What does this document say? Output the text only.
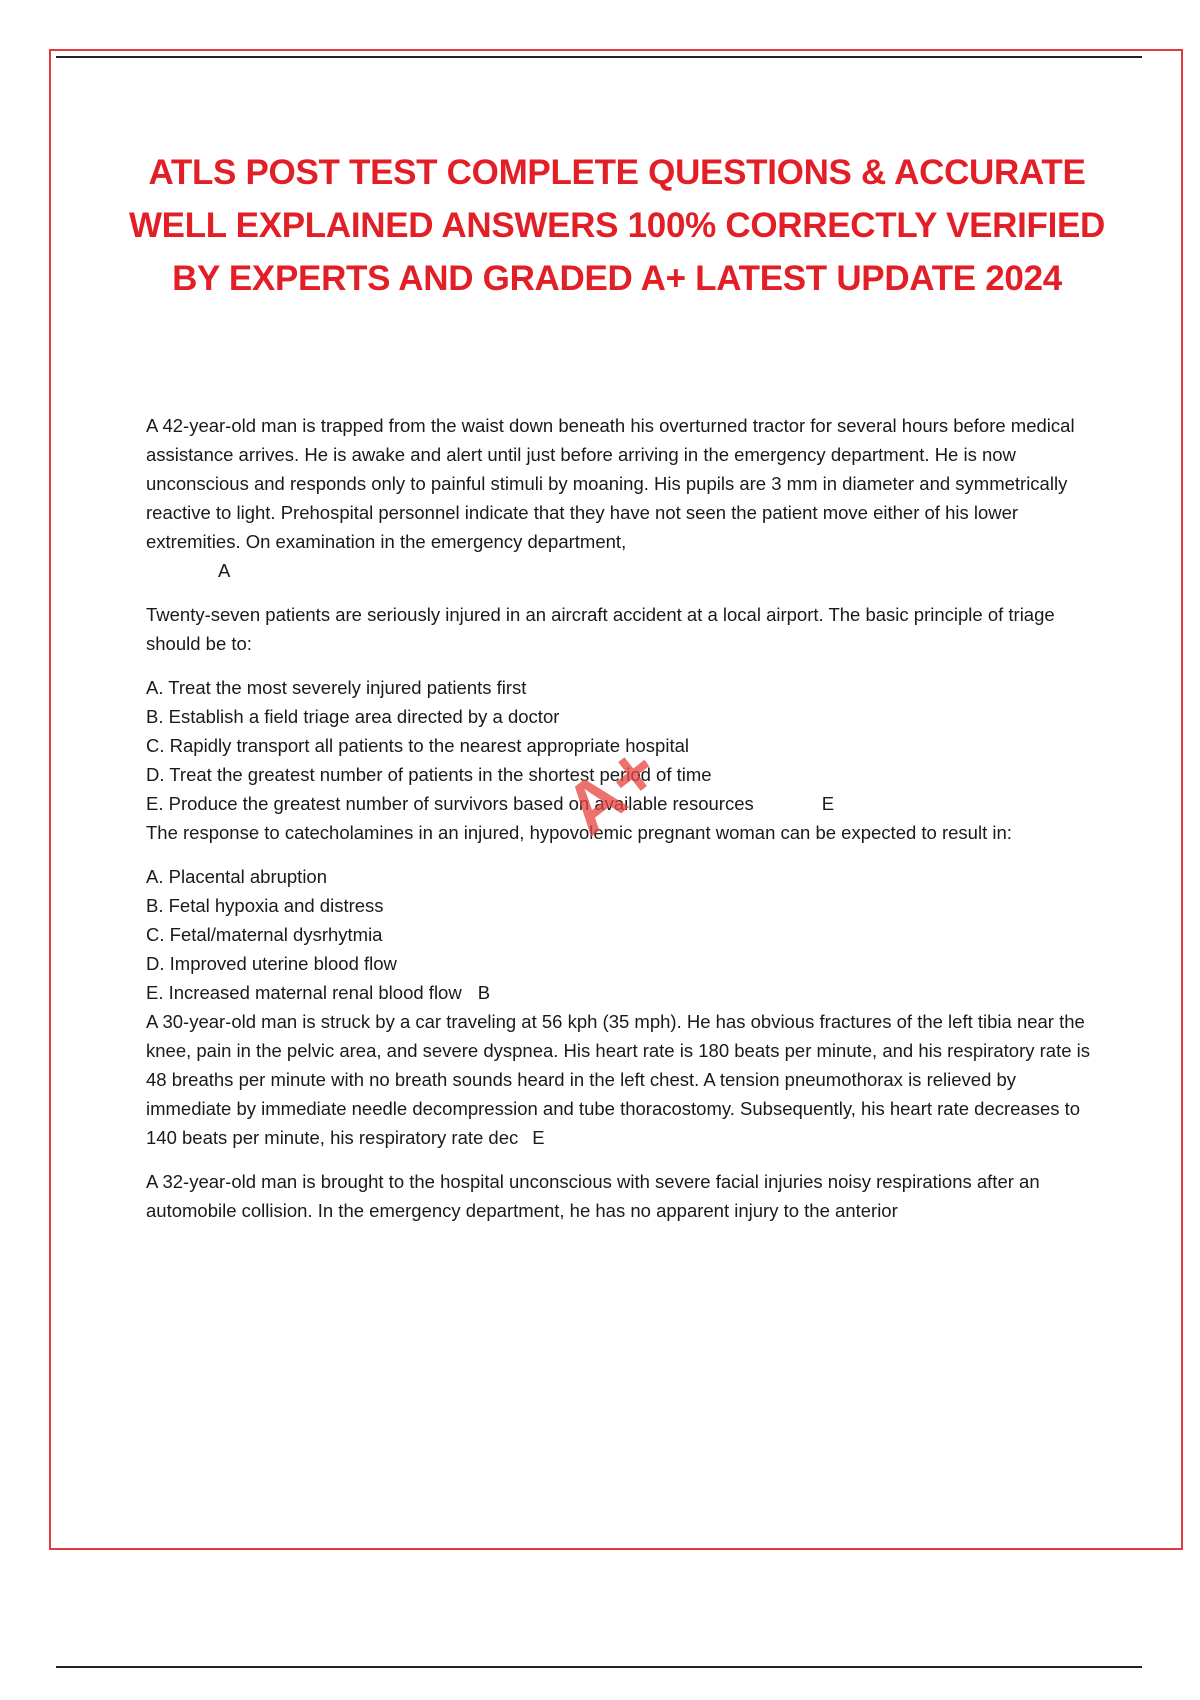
ATLS POST TEST COMPLETE QUESTIONS & ACCURATE
WELL EXPLAINED ANSWERS 100% CORRECTLY VERIFIED
BY EXPERTS AND GRADED A+ LATEST UPDATE 2024

A 42-year-old man is trapped from the waist down beneath his overturned tractor for several hours before medical assistance arrives. He is awake and alert until just before arriving in the emergency department. He is now unconscious and responds only to painful stimuli by moaning. His pupils are 3 mm in diameter and symmetrically reactive to light. Prehospital personnel indicate that they have not seen the patient move either of his lower extremities. On examination in the emergency department,

A

Twenty-seven patients are seriously injured in an aircraft accident at a local airport. The basic principle of triage should be to:

A. Treat the most severely injured patients first

B. Establish a field triage area directed by a doctor

C. Rapidly transport all patients to the nearest appropriate hospital

D. Treat the greatest number of patients in the shortest period of time

E. Produce the greatest number of survivors based on available resources	E

The response to catecholamines in an injured, hypovolemic pregnant woman can be expected to result in:

A. Placental abruption

B. Fetal hypoxia and distress

C. Fetal/maternal dysrhytmia

D. Improved uterine blood flow

E. Increased maternal renal blood flow B

A 30-year-old man is struck by a car traveling at 56 kph (35 mph). He has obvious fractures of the left tibia near the knee, pain in the pelvic area, and severe dyspnea. His heart rate is 180 beats per minute, and his respiratory rate is 48 breaths per minute with no breath sounds heard in the left chest. A tension pneumothorax is relieved by immediate by immediate needle decompression and tube thoracostomy. Subsequently, his heart rate decreases to 140 beats per minute, his respiratory rate dec E

A 32-year-old man is brought to the hospital unconscious with severe facial injuries noisy respirations after an automobile collision. In the emergency department, he has no apparent injury to the anterior

A+
